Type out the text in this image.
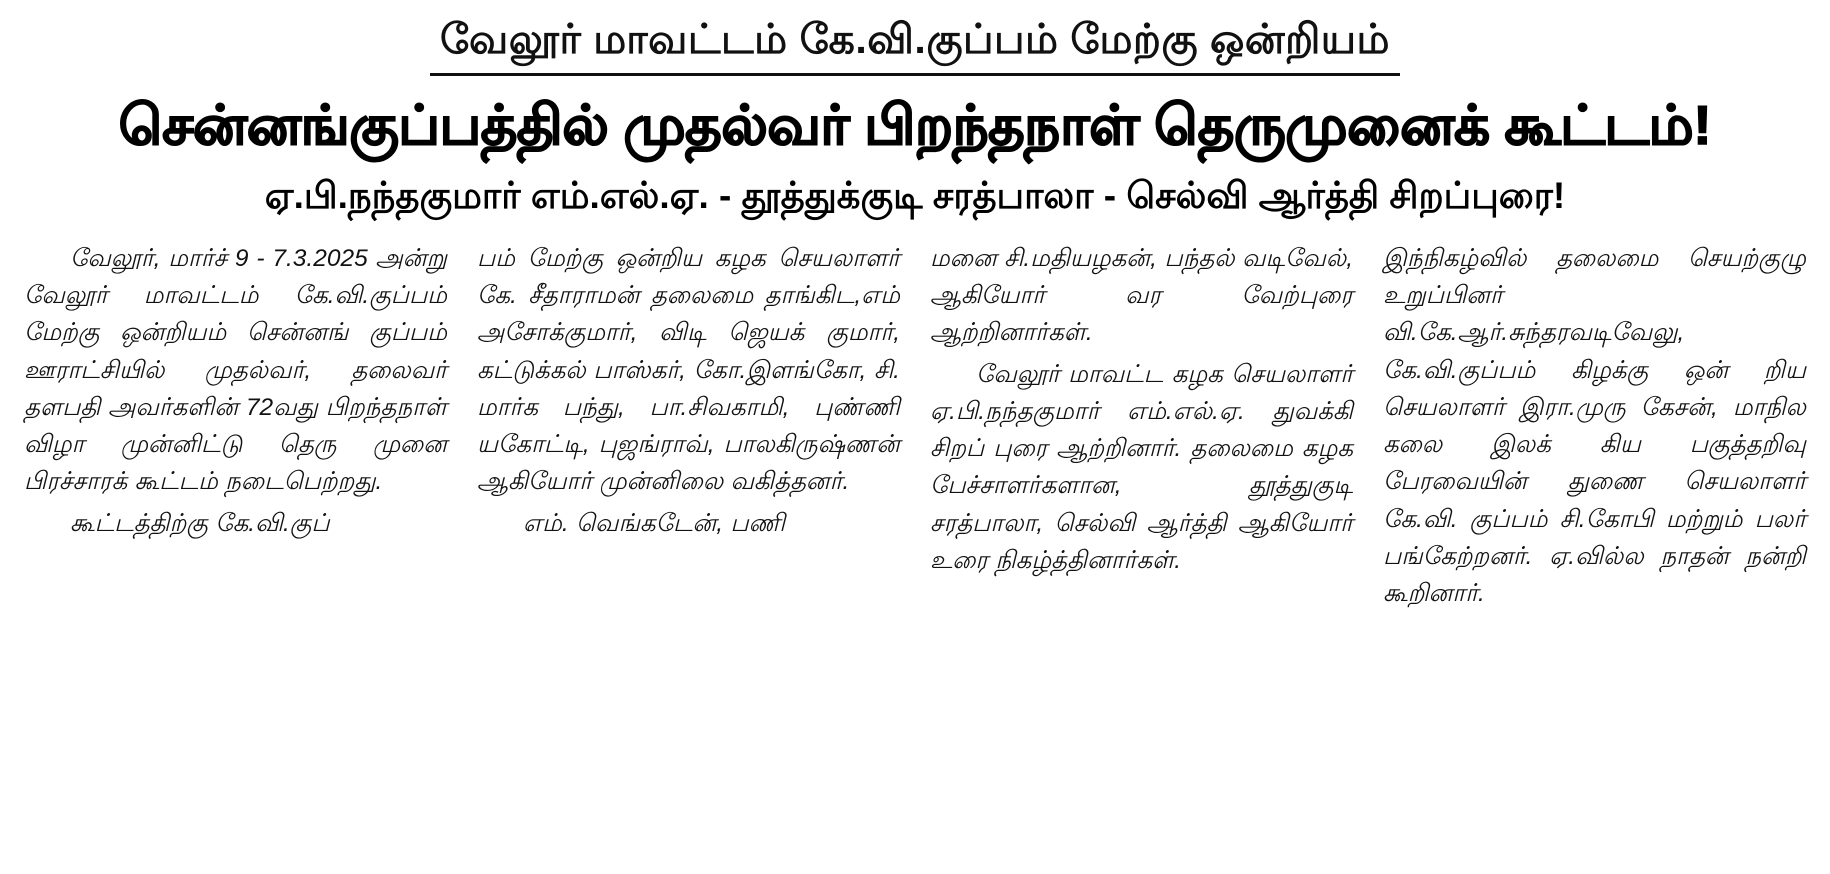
வேலூர் மாவட்டம் கே.வி.குப்பம் மேற்கு ஒன்றியம்
சென்னங்குப்பத்தில் முதல்வர் பிறந்தநாள் தெருமுனைக் கூட்டம்!
ஏ.பி.நந்தகுமார் எம்.எல்.ஏ. - தூத்துக்குடி சரத்பாலா - செல்வி ஆர்த்தி சிறப்புரை!

வேலூர், மார்ச் 9 - 7.3.2025 அன்று வேலூர் மாவட்டம் கே.வி.குப்பம் மேற்கு ஒன்றியம் சென்னங் குப்பம் ஊராட்சியில் முதல்வர், தலைவர் தளபதி அவர்களின் 72வது பிறந்தநாள் விழா முன்னிட்டு தெரு முனை பிரச்சாரக் கூட்டம் நடைபெற்றது.

கூட்டத்திற்கு கே.வி.குப்

பம் மேற்கு ஒன்றிய கழக செயலாளர் கே. சீதாராமன் தலைமை தாங்கிட,எம் அசோக்குமார், விடி ஜெயக் குமார், கட்டுக்கல் பாஸ்கர், கோ.இளங்கோ, சி. மார்க பந்து, பா.சிவகாமி, புண்ணி யகோட்டி, புஜங்ராவ், பாலகிருஷ்ணன் ஆகியோர் முன்னிலை வகித்தனர்.

எம். வெங்கடேன், பணி

மனை சி.மதியழகன், பந்தல் வடிவேல், ஆகியோர் வர வேற்புரை ஆற்றினார்கள்.

வேலூர் மாவட்ட கழக செயலாளர் ஏ.பி.நந்தகுமார் எம்.எல்.ஏ. துவக்கி சிறப் புரை ஆற்றினார். தலைமை கழக பேச்சாளர்களான, தூத்துகுடி சரத்பாலா, செல்வி ஆர்த்தி ஆகியோர் உரை நிகழ்த்தினார்கள்.

இந்நிகழ்வில் தலைமை செயற்குழு உறுப்பினர் வி.கே.ஆர்.சுந்தரவடிவேலு, கே.வி.குப்பம் கிழக்கு ஒன் றிய செயலாளர் இரா.முரு கேசன், மாநில கலை இலக் கிய பகுத்தறிவு பேரவையின் துணை செயலாளர் கே.வி. குப்பம் சி.கோபி மற்றும் பலர் பங்கேற்றனர். ஏ.வில்ல நாதன் நன்றி கூறினார்.
